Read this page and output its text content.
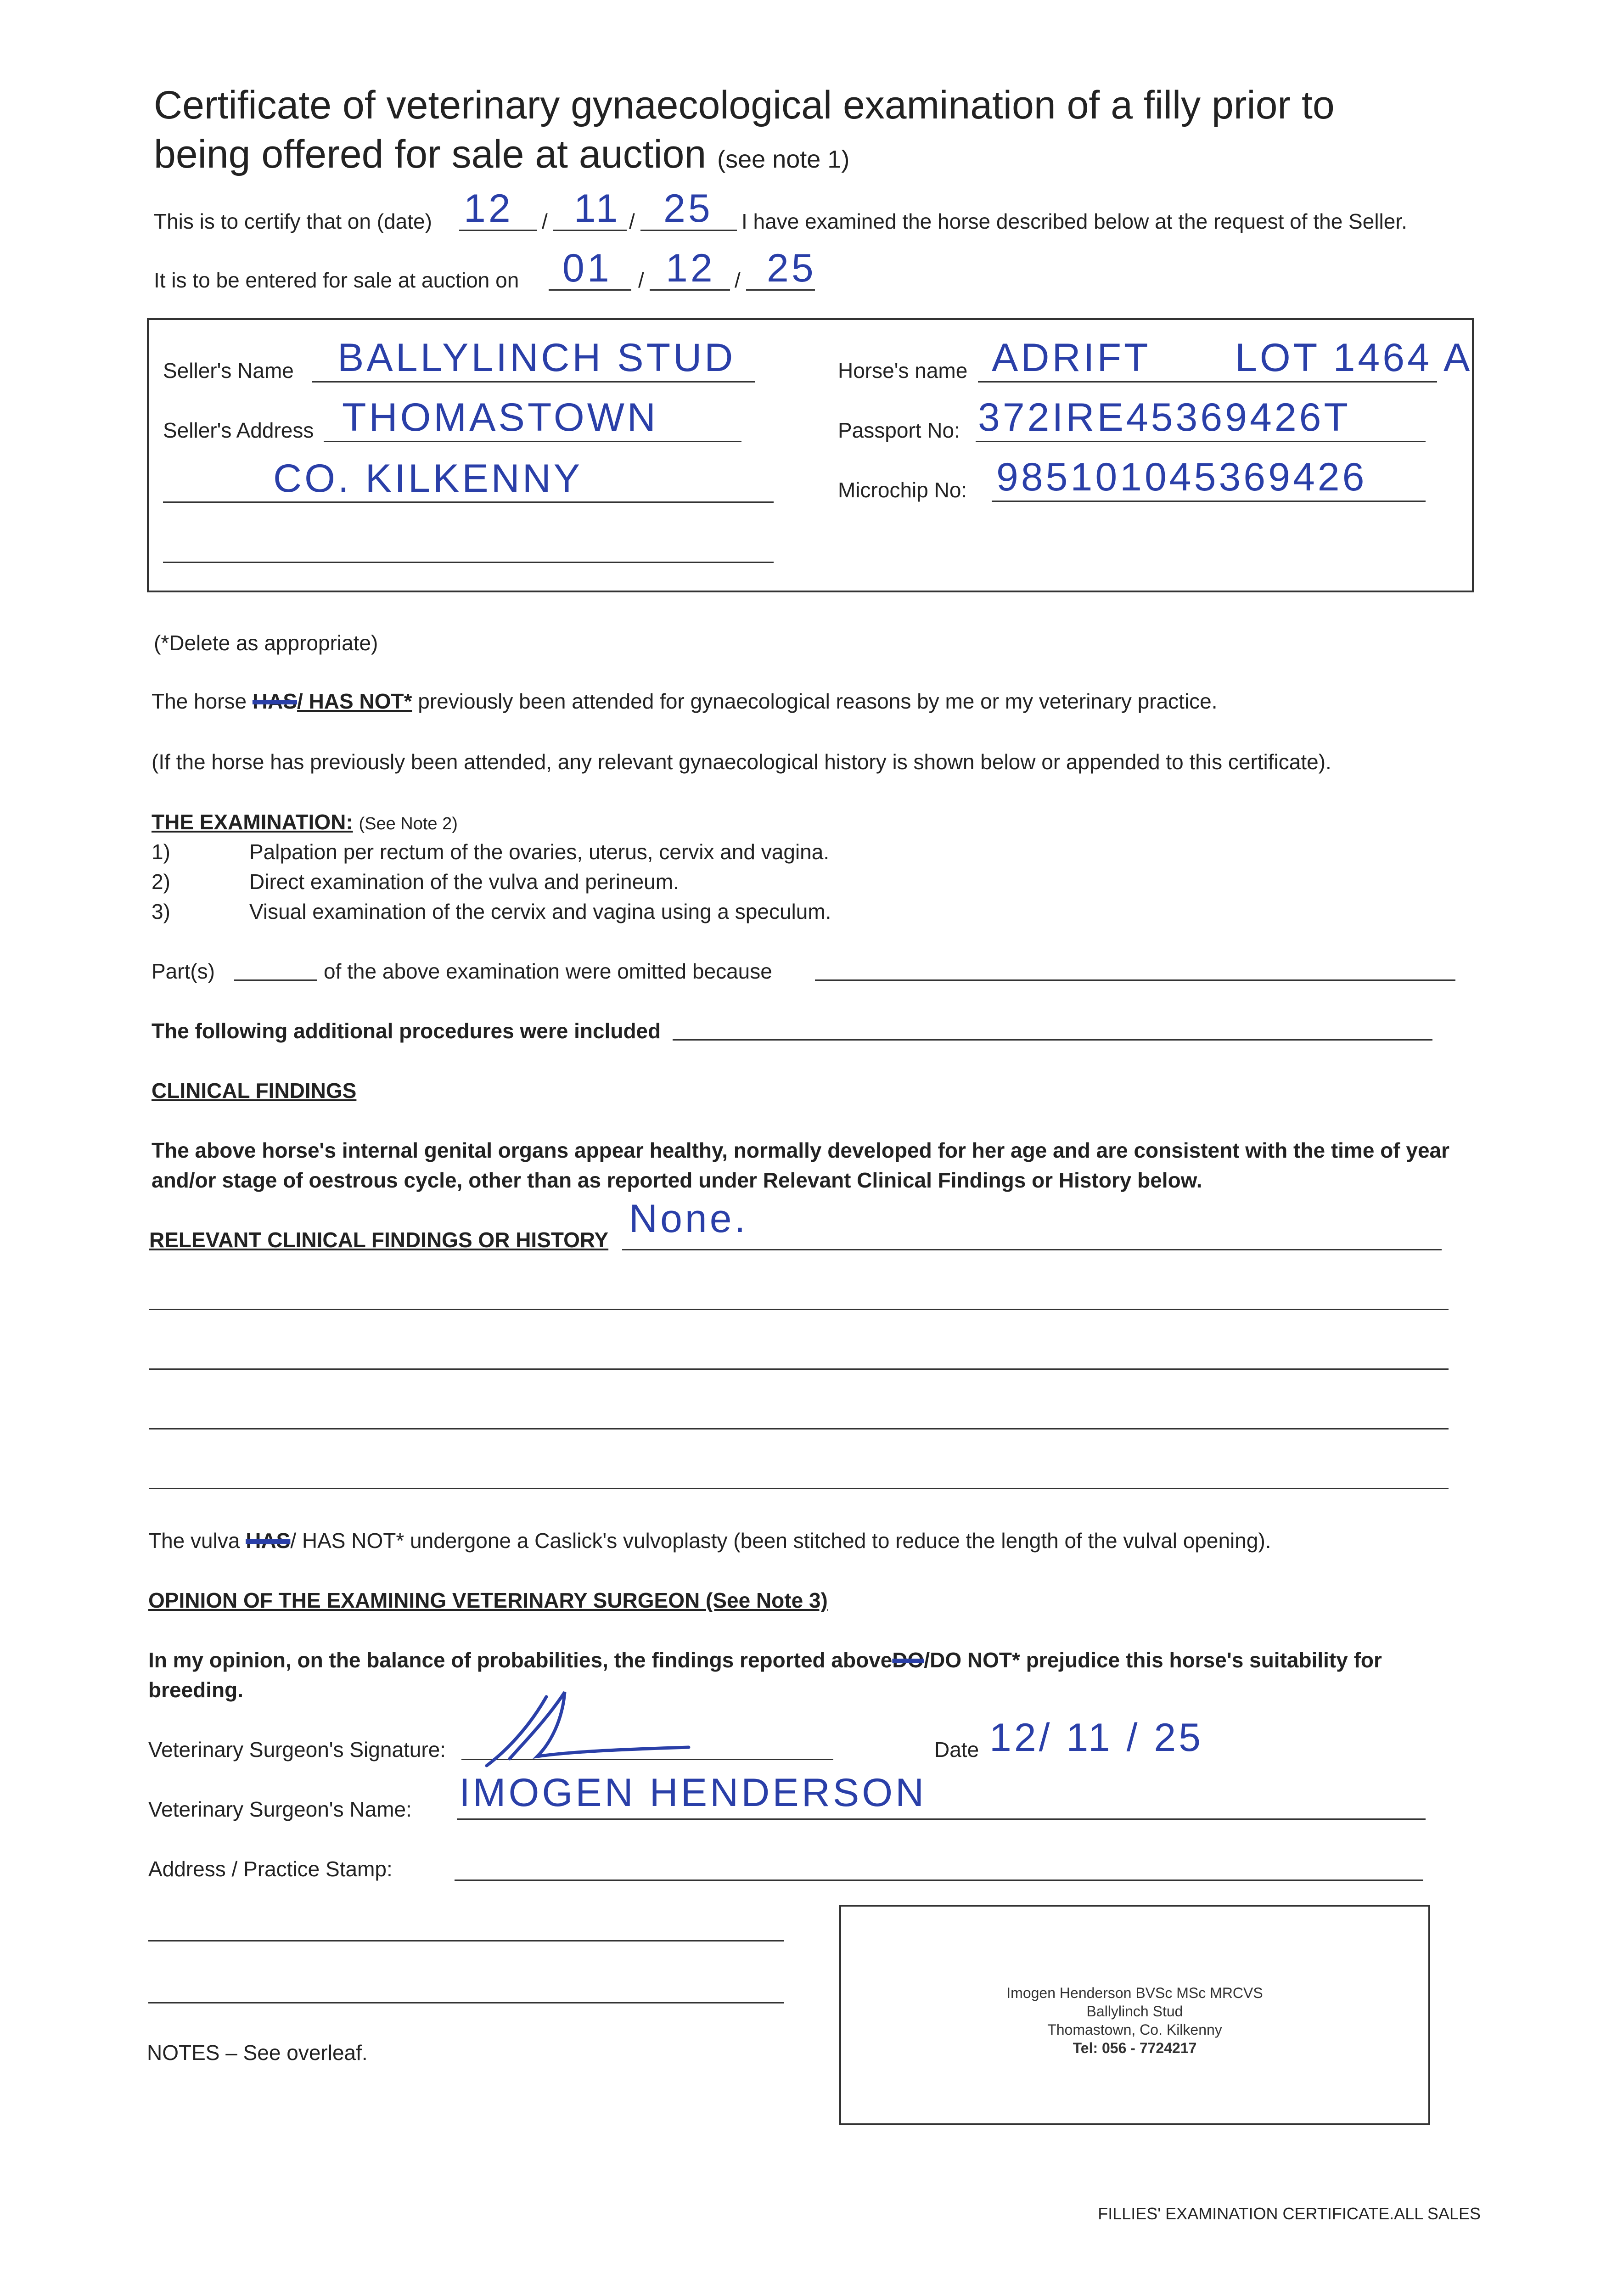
Certificate of veterinary gynaecological examination of a filly prior to
being offered for sale at auction (see note 1)
This is to certify that on (date) 12 / 11 / 25 I have examined the horse described below at the request of the Seller.
It is to be entered for sale at auction on 01 / 12 / 25
Seller's Name BALLYLINCH STUD
Seller's Address THOMASTOWN
CO. KILKENNY
Horse's name ADRIFT LOT 1464 A
Passport No: 372IRE45369426T
Microchip No: 985101045369426
(*Delete as appropriate)
The horse HAS/ HAS NOT* previously been attended for gynaecological reasons by me or my veterinary practice.
(If the horse has previously been attended, any relevant gynaecological history is shown below or appended to this certificate).
THE EXAMINATION: (See Note 2)
1)	Palpation per rectum of the ovaries, uterus, cervix and vagina.
2)	Direct examination of the vulva and perineum.
3)	Visual examination of the cervix and vagina using a speculum.
Part(s)	of the above examination were omitted because
The following additional procedures were included
CLINICAL FINDINGS
The above horse's internal genital organs appear healthy, normally developed for her age and are consistent with the time of year
and/or stage of oestrous cycle, other than as reported under Relevant Clinical Findings or History below.
RELEVANT CLINICAL FINDINGS OR HISTORY None.
The vulva HAS/ HAS NOT* undergone a Caslick's vulvoplasty (been stitched to reduce the length of the vulval opening).
OPINION OF THE EXAMINING VETERINARY SURGEON (See Note 3)
In my opinion, on the balance of probabilities, the findings reported aboveDO/DO NOT* prejudice this horse's suitability for
breeding.
Veterinary Surgeon's Signature:	Date 12/ 11 / 25
Veterinary Surgeon's Name: IMOGEN HENDERSON
Address / Practice Stamp:
NOTES – See overleaf.
Imogen Henderson BVSc MSc MRCVS
Ballylinch Stud
Thomastown, Co. Kilkenny
Tel: 056 - 7724217
FILLIES' EXAMINATION CERTIFICATE.ALL SALES
